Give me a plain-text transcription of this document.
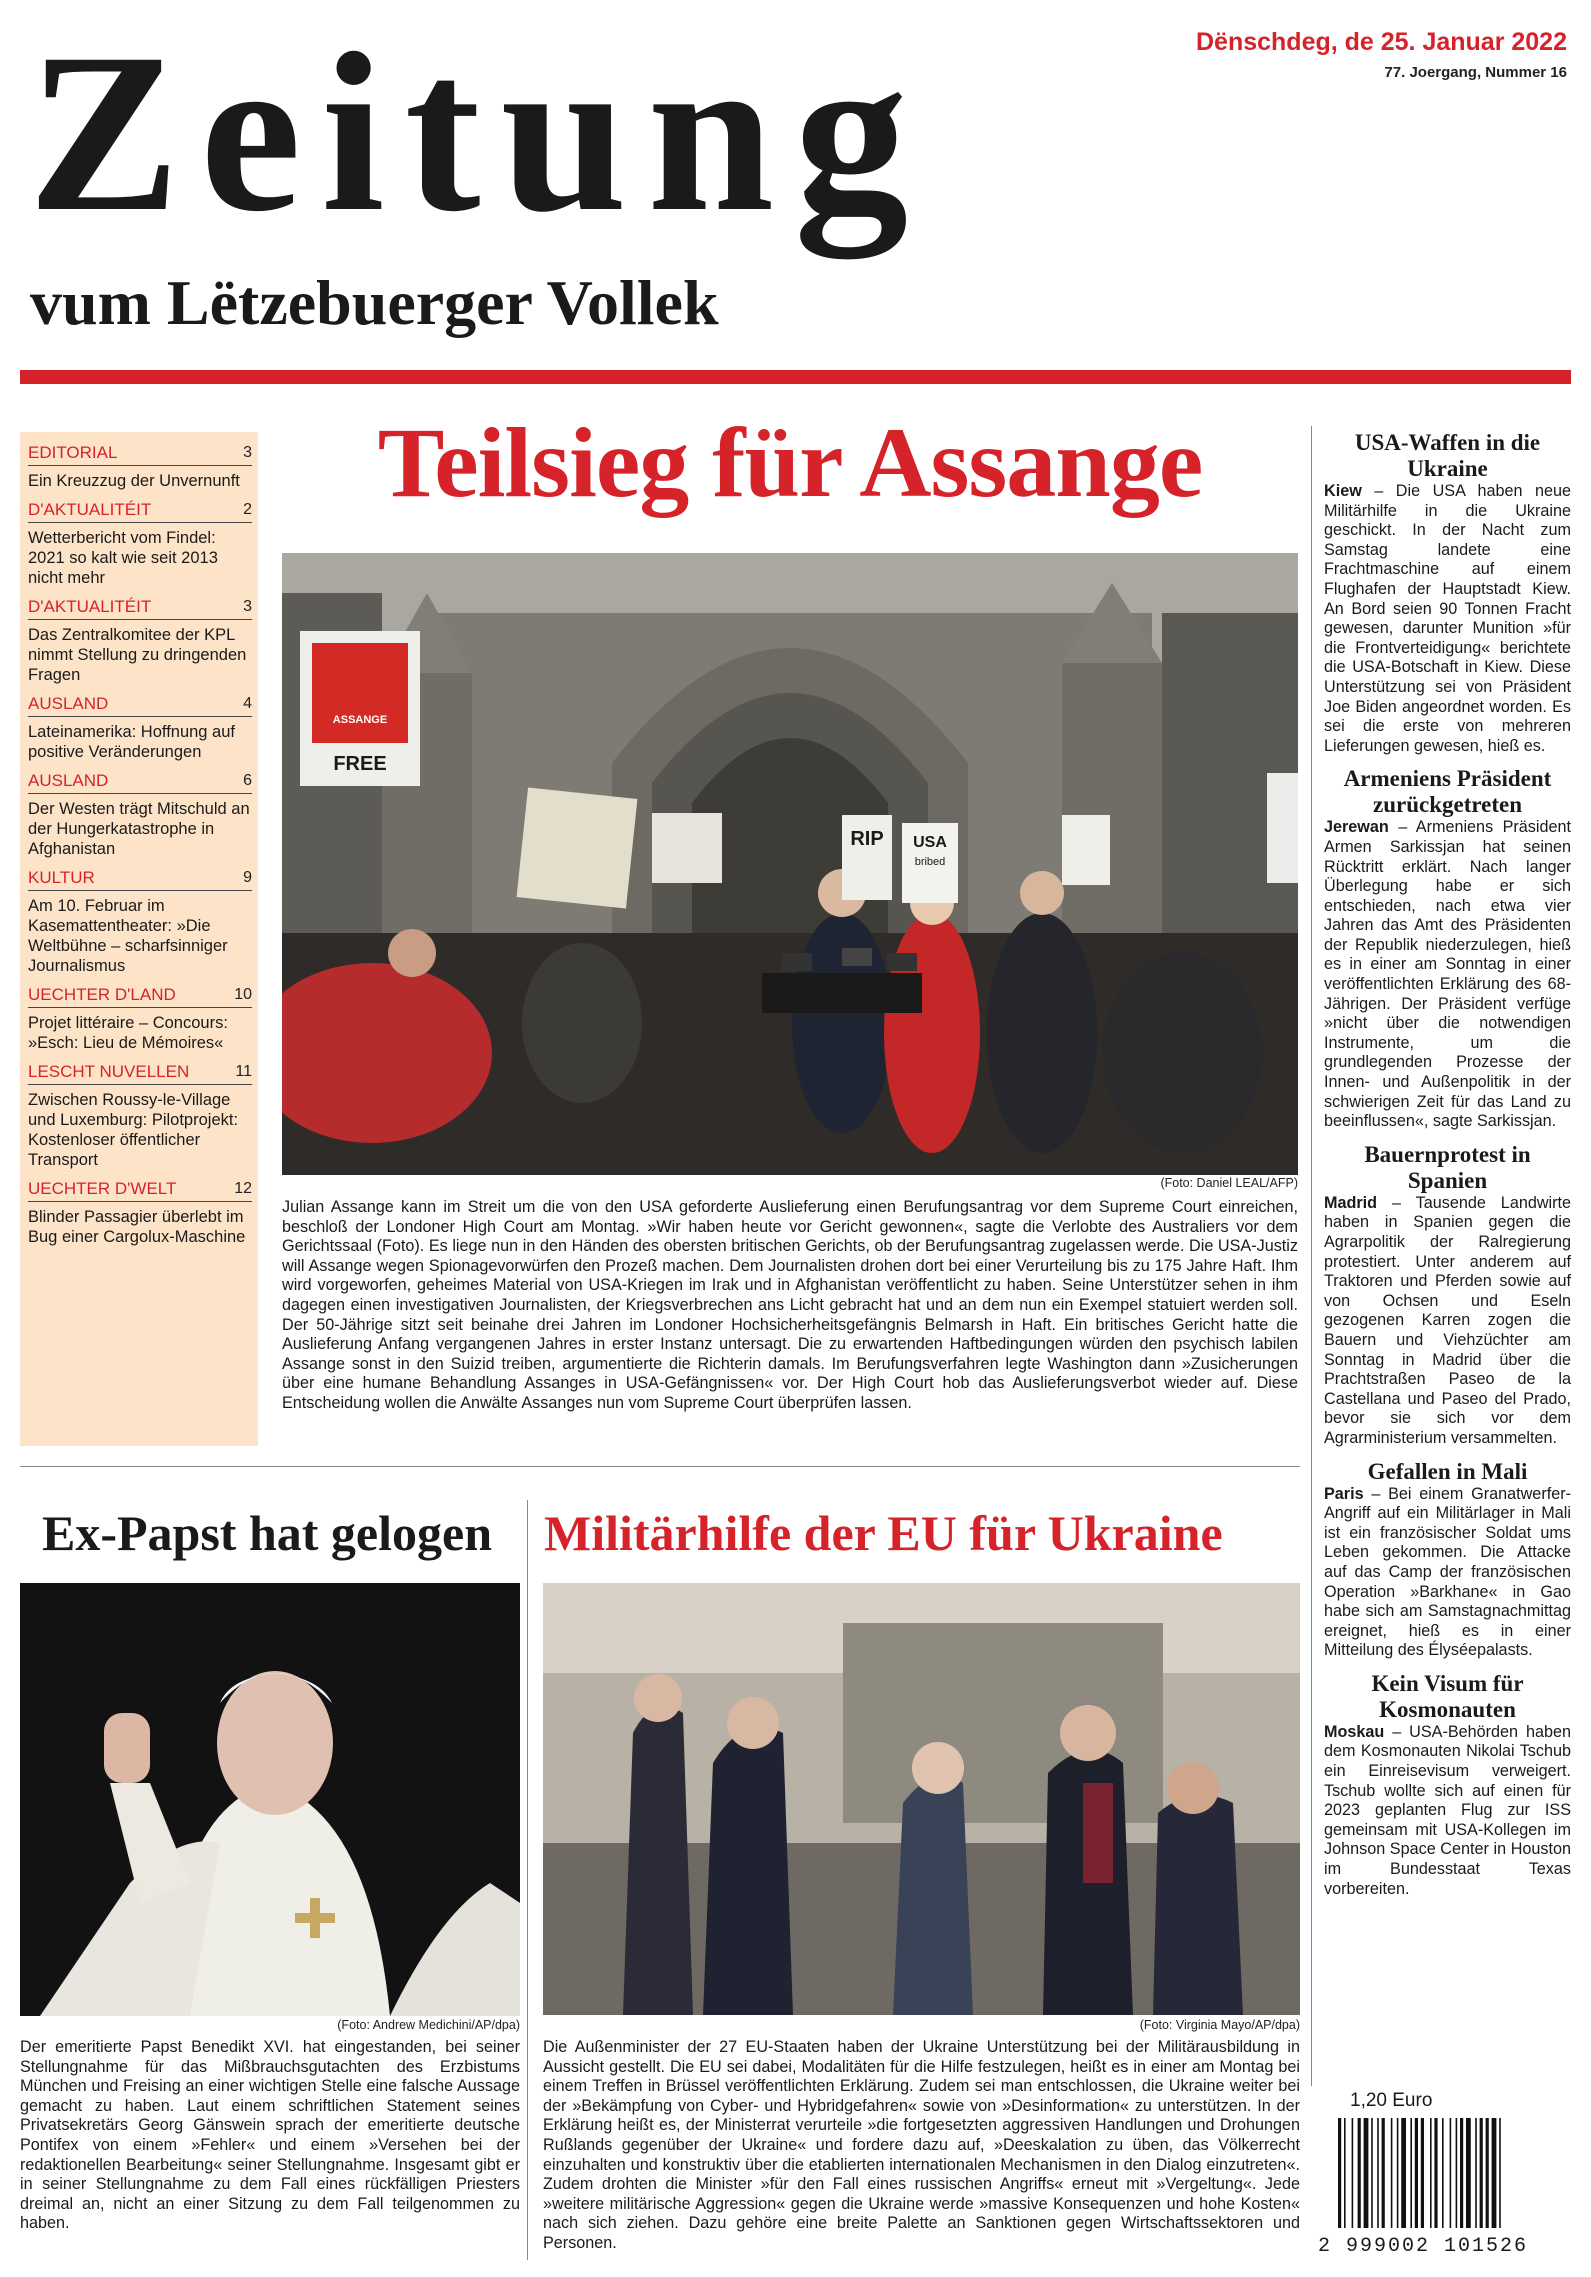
Zeitung
vum Lëtzebuerger Vollek
Dënschdeg, de 25. Januar 2022
77. Joergang, Nummer 16
EDITORIAL	3
Ein Kreuzzug der Unvernunft
D'AKTUALITÉIT	2
Wetterbericht vom Findel: 2021 so kalt wie seit 2013 nicht mehr
D'AKTUALITÉIT	3
Das Zentralkomitee der KPL nimmt Stellung zu dringenden Fragen
AUSLAND	4
Lateinamerika: Hoffnung auf positive Veränderungen
AUSLAND	6
Der Westen trägt Mitschuld an der Hungerkatastrophe in Afghanistan
KULTUR	9
Am 10. Februar im Kasemattentheater: »Die Weltbühne – scharfsinniger Journalismus
UECHTER D'LAND	10
Projet littéraire – Concours: »Esch: Lieu de Mémoires«
LESCHT NUVELLEN	11
Zwischen Roussy-le-Village und Luxemburg: Pilotprojekt: Kostenloser öffentlicher Transport
UECHTER D'WELT	12
Blinder Passagier überlebt im Bug einer Cargolux-Maschine
Teilsieg für Assange
FREE
ASSANGE
USA
bribed
RIP
(Foto: Daniel LEAL/AFP)
Julian Assange kann im Streit um die von den USA geforderte Auslieferung einen Berufungsantrag vor dem Supreme Court einreichen, beschloß der Londoner High Court am Montag. »Wir haben heute vor Gericht gewonnen«, sagte die Verlobte des Australiers vor dem Gerichtssaal (Foto). Es liege nun in den Händen des obersten britischen Gerichts, ob der Berufungsantrag zugelassen werde. Die USA-Justiz will Assange wegen Spionagevorwürfen den Prozeß machen. Dem Journalisten drohen dort bei einer Verurteilung bis zu 175 Jahre Haft. Ihm wird vorgeworfen, geheimes Material von USA-Kriegen im Irak und in Afghanistan veröffentlicht zu haben. Seine Unterstützer sehen in ihm dagegen einen investigativen Journalisten, der Kriegsverbrechen ans Licht gebracht hat und an dem nun ein Exempel statuiert werden soll. Der 50-Jährige sitzt seit beinahe drei Jahren im Londoner Hochsicherheitsgefängnis Belmarsh in Haft. Ein britisches Gericht hatte die Auslieferung Anfang vergangenen Jahres in erster Instanz untersagt. Die zu erwartenden Haftbedingungen würden den psychisch labilen Assange sonst in den Suizid treiben, argumentierte die Richterin damals. Im Berufungsverfahren legte Washington dann »Zusicherungen über eine humane Behandlung Assanges in USA-Gefängnissen« vor. Der High Court hob das Auslieferungsverbot wieder auf. Diese Entscheidung wollen die Anwälte Assanges nun vom Supreme Court überprüfen lassen.
USA-Waffen in die Ukraine
Kiew – Die USA haben neue Militärhilfe in die Ukraine geschickt. In der Nacht zum Samstag landete eine Frachtmaschine auf einem Flughafen der Hauptstadt Kiew. An Bord seien 90 Tonnen Fracht gewesen, darunter Munition »für die Frontverteidigung« berichtete die USA-Botschaft in Kiew. Diese Unterstützung sei von Präsident Joe Biden angeordnet worden. Es sei die erste von mehreren Lieferungen gewesen, hieß es.
Armeniens Präsident zurückgetreten
Jerewan – Armeniens Präsident Armen Sarkissjan hat seinen Rücktritt erklärt. Nach langer Überlegung habe er sich entschieden, nach etwa vier Jahren das Amt des Präsidenten der Republik niederzulegen, hieß es in einer am Sonntag in einer veröffentlichten Erklärung des 68-Jährigen. Der Präsident verfüge »nicht über die notwendigen Instrumente, um die grundlegenden Prozesse der Innen- und Außenpolitik in der schwierigen Zeit für das Land zu beeinflussen«, sagte Sarkissjan.
Bauernprotest in Spanien
Madrid – Tausende Landwirte haben in Spanien gegen die Agrarpolitik der Ralregierung protestiert. Unter anderem auf Traktoren und Pferden sowie auf von Ochsen und Eseln gezogenen Karren zogen die Bauern und Viehzüchter am Sonntag in Madrid über die Prachtstraßen Paseo de la Castellana und Paseo del Prado, bevor sie sich vor dem Agrarministerium versammelten.
Gefallen in Mali
Paris – Bei einem Granatwerfer-Angriff auf ein Militärlager in Mali ist ein französischer Soldat ums Leben gekommen. Die Attacke auf das Camp der französischen Operation »Barkhane« in Gao habe sich am Samstagnachmittag ereignet, hieß es in einer Mitteilung des Élyséepalasts.
Kein Visum für Kosmonauten
Moskau – USA-Behörden haben dem Kosmonauten Nikolai Tschub ein Einreisevisum verweigert. Tschub wollte sich auf einen für 2023 geplanten Flug zur ISS gemeinsam mit USA-Kollegen im Johnson Space Center in Houston im Bundesstaat Texas vorbereiten.
Ex-Papst hat gelogen
(Foto: Andrew Medichini/AP/dpa)
Der emeritierte Papst Benedikt XVI. hat eingestanden, bei seiner Stellungnahme für das Mißbrauchsgutachten des Erzbistums München und Freising an einer wichtigen Stelle eine falsche Aussage gemacht zu haben. Laut einem schriftlichen Statement seines Privatsekretärs Georg Gänswein sprach der emeritierte deutsche Pontifex von einem »Fehler« und einem »Versehen bei der redaktionellen Bearbeitung« seiner Stellungnahme. Insgesamt gibt er in seiner Stellungnahme zu dem Fall eines rückfälligen Priesters dreimal an, nicht an einer Sitzung zu dem Fall teilgenommen zu haben.
Militärhilfe der EU für Ukraine
(Foto: Virginia Mayo/AP/dpa)
Die Außenminister der 27 EU-Staaten haben der Ukraine Unterstützung bei der Militärausbildung in Aussicht gestellt. Die EU sei dabei, Modalitäten für die Hilfe festzulegen, heißt es in einer am Montag bei einem Treffen in Brüssel veröffentlichten Erklärung. Zudem sei man entschlossen, die Ukraine weiter bei der »Bekämpfung von Cyber- und Hybridgefahren« sowie von »Desinformation« zu unterstützen. In der Erklärung heißt es, der Ministerrat verurteile »die fortgesetzten aggressiven Handlungen und Drohungen Rußlands gegenüber der Ukraine« und fordere dazu auf, »Deeskalation zu üben, das Völkerrecht einzuhalten und konstruktiv über die etablierten internationalen Mechanismen in den Dialog einzutreten«. Zudem drohten die Minister »für den Fall eines russischen Angriffs« erneut mit »Vergeltung«. Jede »weitere militärische Aggression« gegen die Ukraine werde »massive Konsequenzen und hohe Kosten« nach sich ziehen. Dazu gehöre eine breite Palette an Sanktionen gegen Wirtschaftssektoren und Personen.
1,20 Euro
2 999002 101526
